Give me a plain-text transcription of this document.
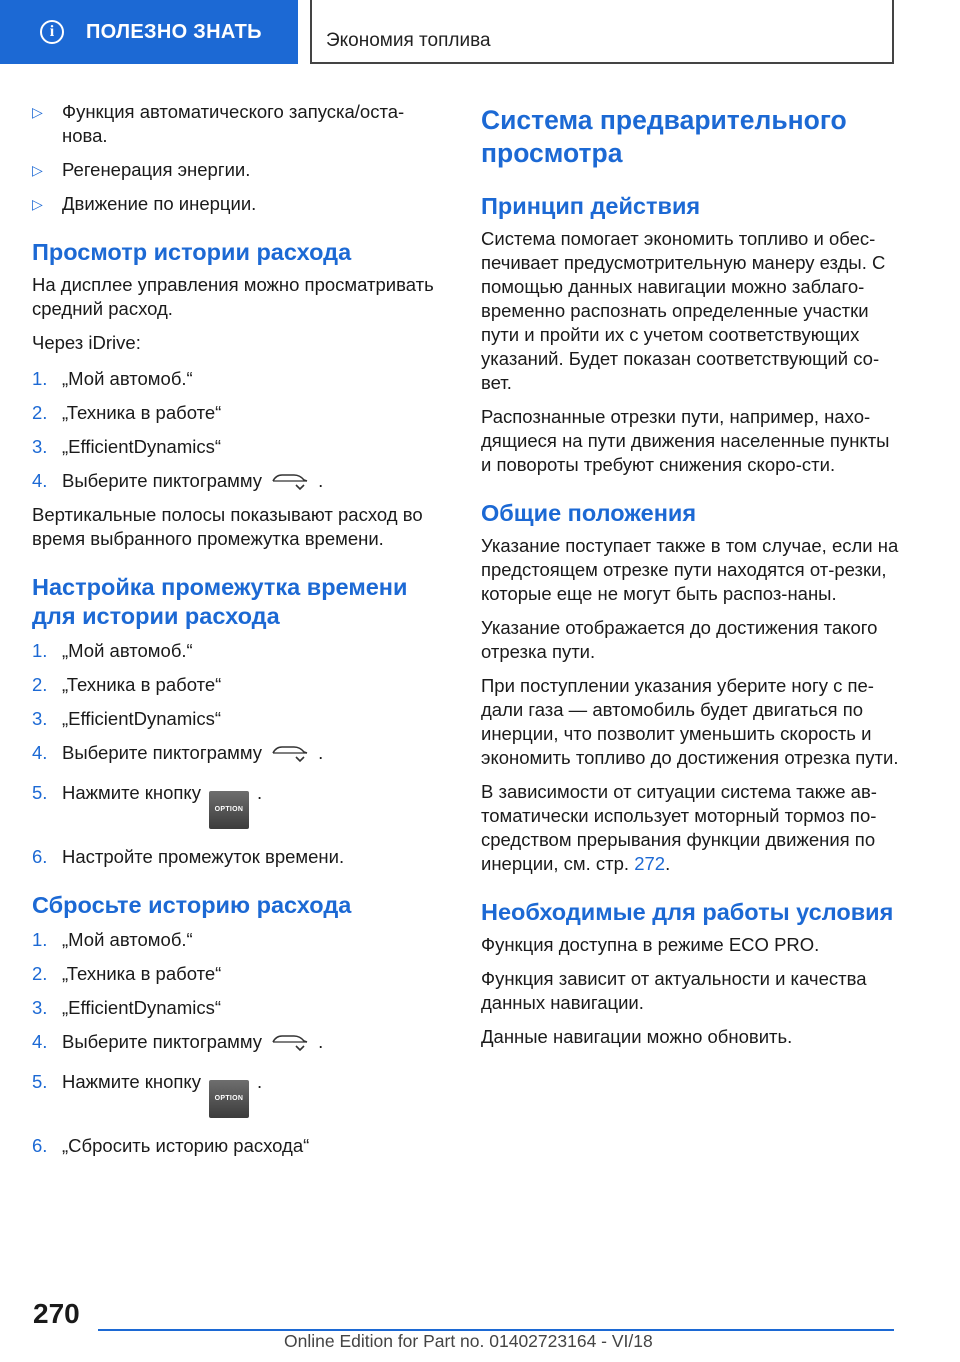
i	ПОЛЕЗНО ЗНАТЬ	Экономия топлива
▷	Функция автоматического запуска/оста-нова.
▷	Регенерация энергии.
▷	Движение по инерции.
Просмотр истории расхода

На дисплее управления можно просматривать средний расход.

Через iDrive:

1. „Мой автомоб.“
2. „Техника в работе“
3. „EfficientDynamics“
4. Выберите пиктограмму	.

Вертикальные полосы показывают расход во время выбранного промежутка времени.

Настройка промежутка времени для истории расхода
1. „Мой автомоб.“
2. „Техника в работе“
3. „EfficientDynamics“
4. Выберите пиктограмму	.
5. Нажмите кнопкуOPTION.
6. Настройте промежуток времени.
Сбросьте историю расхода
1. „Мой автомоб.“
2. „Техника в работе“
3. „EfficientDynamics“
4. Выберите пиктограмму	.
5. Нажмите кнопкуOPTION.
6. „Сбросить историю расхода“
Система предварительного просмотра
Принцип действия

Система помогает экономить топливо и обес-печивает предусмотрительную манеру езды. С помощью данных навигации можно заблаго-временно распознать определенные участки пути и пройти их с учетом соответствующих указаний. Будет показан соответствующий со-вет.

Распознанные отрезки пути, например, нахо-дящиеся на пути движения населенные пункты и повороты требуют снижения скоро-сти.

Общие положения

Указание поступает также в том случае, если на предстоящем отрезке пути находятся от-резки, которые еще не могут быть распоз-наны.

Указание отображается до достижения такого отрезка пути.

При поступлении указания уберите ногу с пе-дали газа — автомобиль будет двигаться по инерции, что позволит уменьшить скорость и экономить топливо до достижения отрезка пути.

В зависимости от ситуации система также ав-томатически использует моторный тормоз по-средством прерывания функции движения по инерции, см. стр. 272.

Необходимые для работы условия

Функция доступна в режиме ECO PRO.

Функция зависит от актуальности и качества данных навигации.

Данные навигации можно обновить.

270
Online Edition for Part no. 01402723164 - VI/18
